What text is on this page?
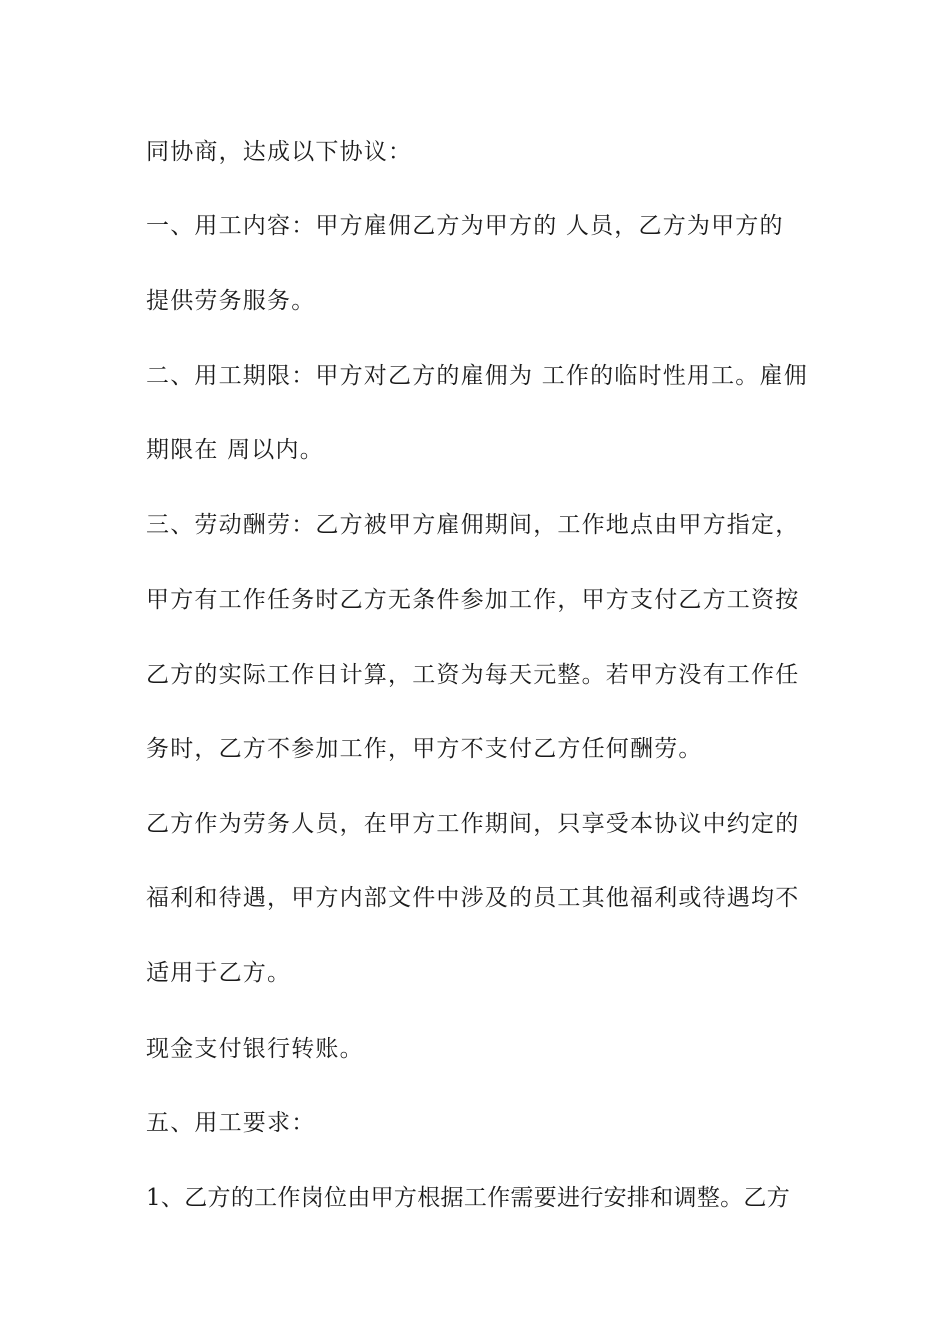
同协商，达成以下协议：
一、用工内容：甲方雇佣乙方为甲方的 人员，乙方为甲方的
提供劳务服务。
二、用工期限：甲方对乙方的雇佣为 工作的临时性用工。雇佣
期限在 周以内。
三、劳动酬劳：乙方被甲方雇佣期间，工作地点由甲方指定，
甲方有工作任务时乙方无条件参加工作，甲方支付乙方工资按
乙方的实际工作日计算，工资为每天元整。若甲方没有工作任
务时，乙方不参加工作，甲方不支付乙方任何酬劳。
乙方作为劳务人员，在甲方工作期间，只享受本协议中约定的
福利和待遇，甲方内部文件中涉及的员工其他福利或待遇均不
适用于乙方。
现金支付银行转账。
五、用工要求：
1、乙方的工作岗位由甲方根据工作需要进行安排和调整。乙方
